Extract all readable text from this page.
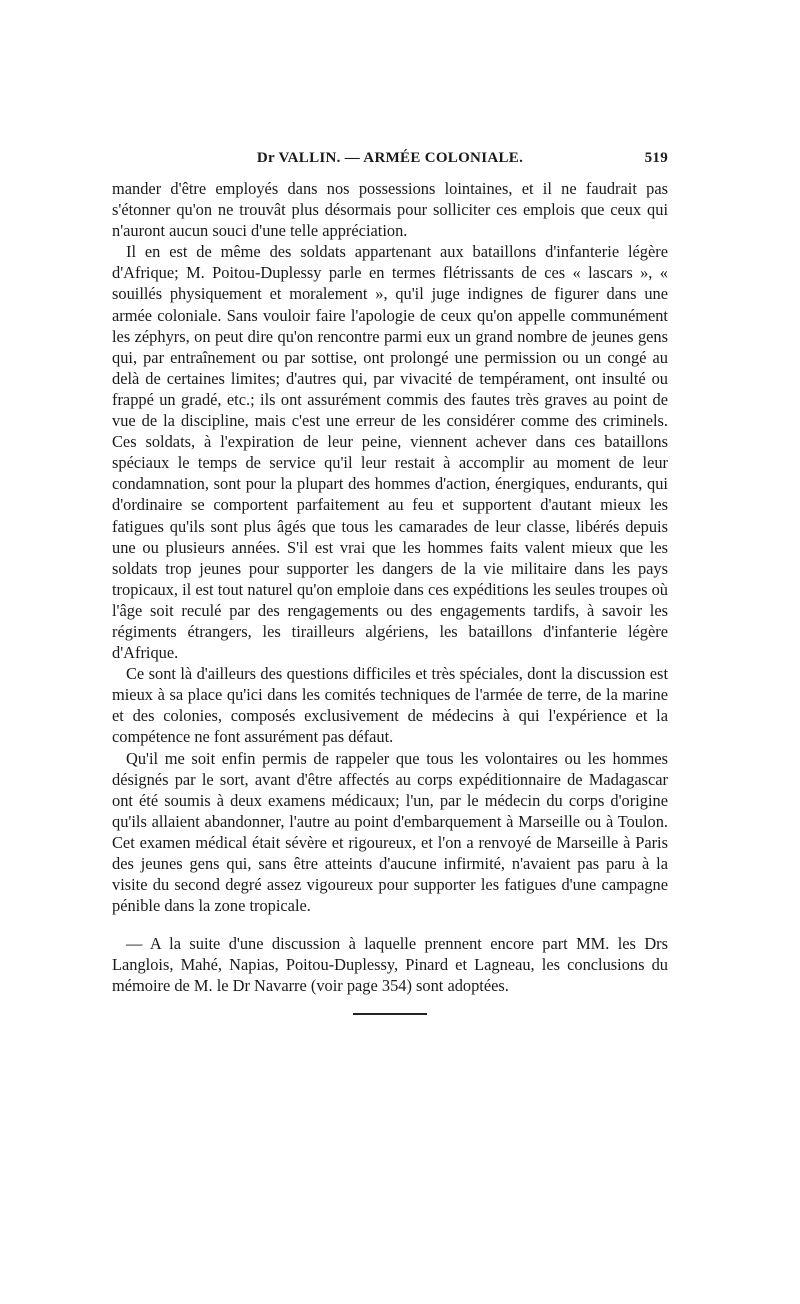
Dr VALLIN. — ARMÉE COLONIALE.	519

mander d'être employés dans nos possessions lointaines, et il ne faudrait pas s'étonner qu'on ne trouvât plus désormais pour solliciter ces emplois que ceux qui n'auront aucun souci d'une telle appréciation.

Il en est de même des soldats appartenant aux bataillons d'infanterie légère d'Afrique; M. Poitou-Duplessy parle en termes flétrissants de ces « lascars », « souillés physiquement et moralement », qu'il juge indignes de figurer dans une armée coloniale. Sans vouloir faire l'apologie de ceux qu'on appelle communément les zéphyrs, on peut dire qu'on rencontre parmi eux un grand nombre de jeunes gens qui, par entraînement ou par sottise, ont prolongé une permission ou un congé au delà de certaines limites; d'autres qui, par vivacité de tempérament, ont insulté ou frappé un gradé, etc.; ils ont assurément commis des fautes très graves au point de vue de la discipline, mais c'est une erreur de les considérer comme des criminels. Ces soldats, à l'expiration de leur peine, viennent achever dans ces bataillons spéciaux le temps de service qu'il leur restait à accomplir au moment de leur condamnation, sont pour la plupart des hommes d'action, énergiques, endurants, qui d'ordinaire se comportent parfaitement au feu et supportent d'autant mieux les fatigues qu'ils sont plus âgés que tous les camarades de leur classe, libérés depuis une ou plusieurs années. S'il est vrai que les hommes faits valent mieux que les soldats trop jeunes pour supporter les dangers de la vie militaire dans les pays tropicaux, il est tout naturel qu'on emploie dans ces expéditions les seules troupes où l'âge soit reculé par des rengagements ou des engagements tardifs, à savoir les régiments étrangers, les tirailleurs algériens, les bataillons d'infanterie légère d'Afrique.

Ce sont là d'ailleurs des questions difficiles et très spéciales, dont la discussion est mieux à sa place qu'ici dans les comités techniques de l'armée de terre, de la marine et des colonies, composés exclusivement de médecins à qui l'expérience et la compétence ne font assurément pas défaut.

Qu'il me soit enfin permis de rappeler que tous les volontaires ou les hommes désignés par le sort, avant d'être affectés au corps expéditionnaire de Madagascar ont été soumis à deux examens médicaux; l'un, par le médecin du corps d'origine qu'ils allaient abandonner, l'autre au point d'embarquement à Marseille ou à Toulon. Cet examen médical était sévère et rigoureux, et l'on a renvoyé de Marseille à Paris des jeunes gens qui, sans être atteints d'aucune infirmité, n'avaient pas paru à la visite du second degré assez vigoureux pour supporter les fatigues d'une campagne pénible dans la zone tropicale.

— A la suite d'une discussion à laquelle prennent encore part MM. les Drs Langlois, Mahé, Napias, Poitou-Duplessy, Pinard et Lagneau, les conclusions du mémoire de M. le Dr Navarre (voir page 354) sont adoptées.
